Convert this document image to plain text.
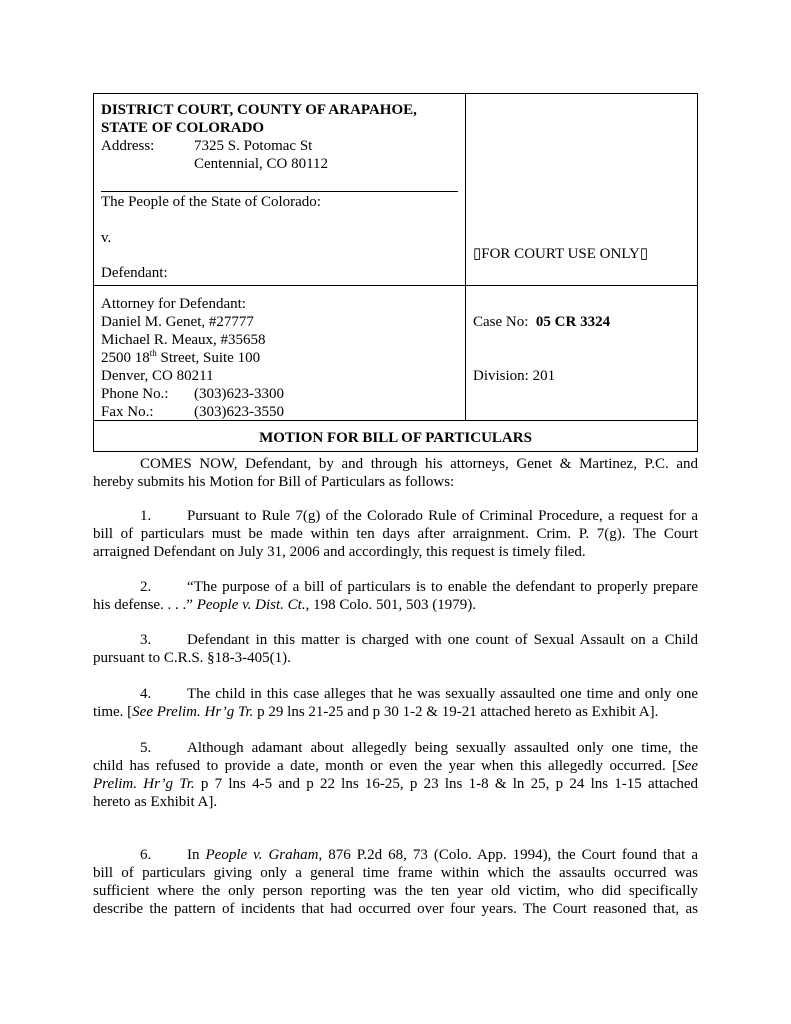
DISTRICT COURT, COUNTY OF ARAPAHOE,
STATE OF COLORADO
Address:	7325 S. Potomac St
Centennial, CO 80112
The People of the State of Colorado:
v.
Defendant:
▯FOR COURT USE ONLY▯
Attorney for Defendant:
Daniel M. Genet, #27777
Michael R. Meaux, #35658
2500 18th Street, Suite 100
Denver, CO 80211
Phone No.: (303)623-3300
Fax No.:	(303)623-3550
Case No: 05 CR 3324
Division: 201
MOTION FOR BILL OF PARTICULARS
COMES NOW, Defendant, by and through his attorneys, Genet & Martinez, P.C. and
hereby submits his Motion for Bill of Particulars as follows:
1. Pursuant to Rule 7(g) of the Colorado Rule of Criminal Procedure, a request for a
bill of particulars must be made within ten days after arraignment. Crim. P. 7(g). The Court
arraigned Defendant on July 31, 2006 and accordingly, this request is timely filed.
2. “The purpose of a bill of particulars is to enable the defendant to properly prepare
his defense. . . .” People v. Dist. Ct., 198 Colo. 501, 503 (1979).
3. Defendant in this matter is charged with one count of Sexual Assault on a Child
pursuant to C.R.S. §18-3-405(1).
4. The child in this case alleges that he was sexually assaulted one time and only one
time. [See Prelim. Hr’g Tr. p 29 lns 21-25 and p 30 1-2 & 19-21 attached hereto as Exhibit A].
5. Although adamant about allegedly being sexually assaulted only one time, the
child has refused to provide a date, month or even the year when this allegedly occurred. [See
Prelim. Hr’g Tr. p 7 lns 4-5 and p 22 lns 16-25, p 23 lns 1-8 & ln 25, p 24 lns 1-15 attached
hereto as Exhibit A].
6. In People v. Graham, 876 P.2d 68, 73 (Colo. App. 1994), the Court found that a
bill of particulars giving only a general time frame within which the assaults occurred was
sufficient where the only person reporting was the ten year old victim, who did specifically
describe the pattern of incidents that had occurred over four years. The Court reasoned that, as
